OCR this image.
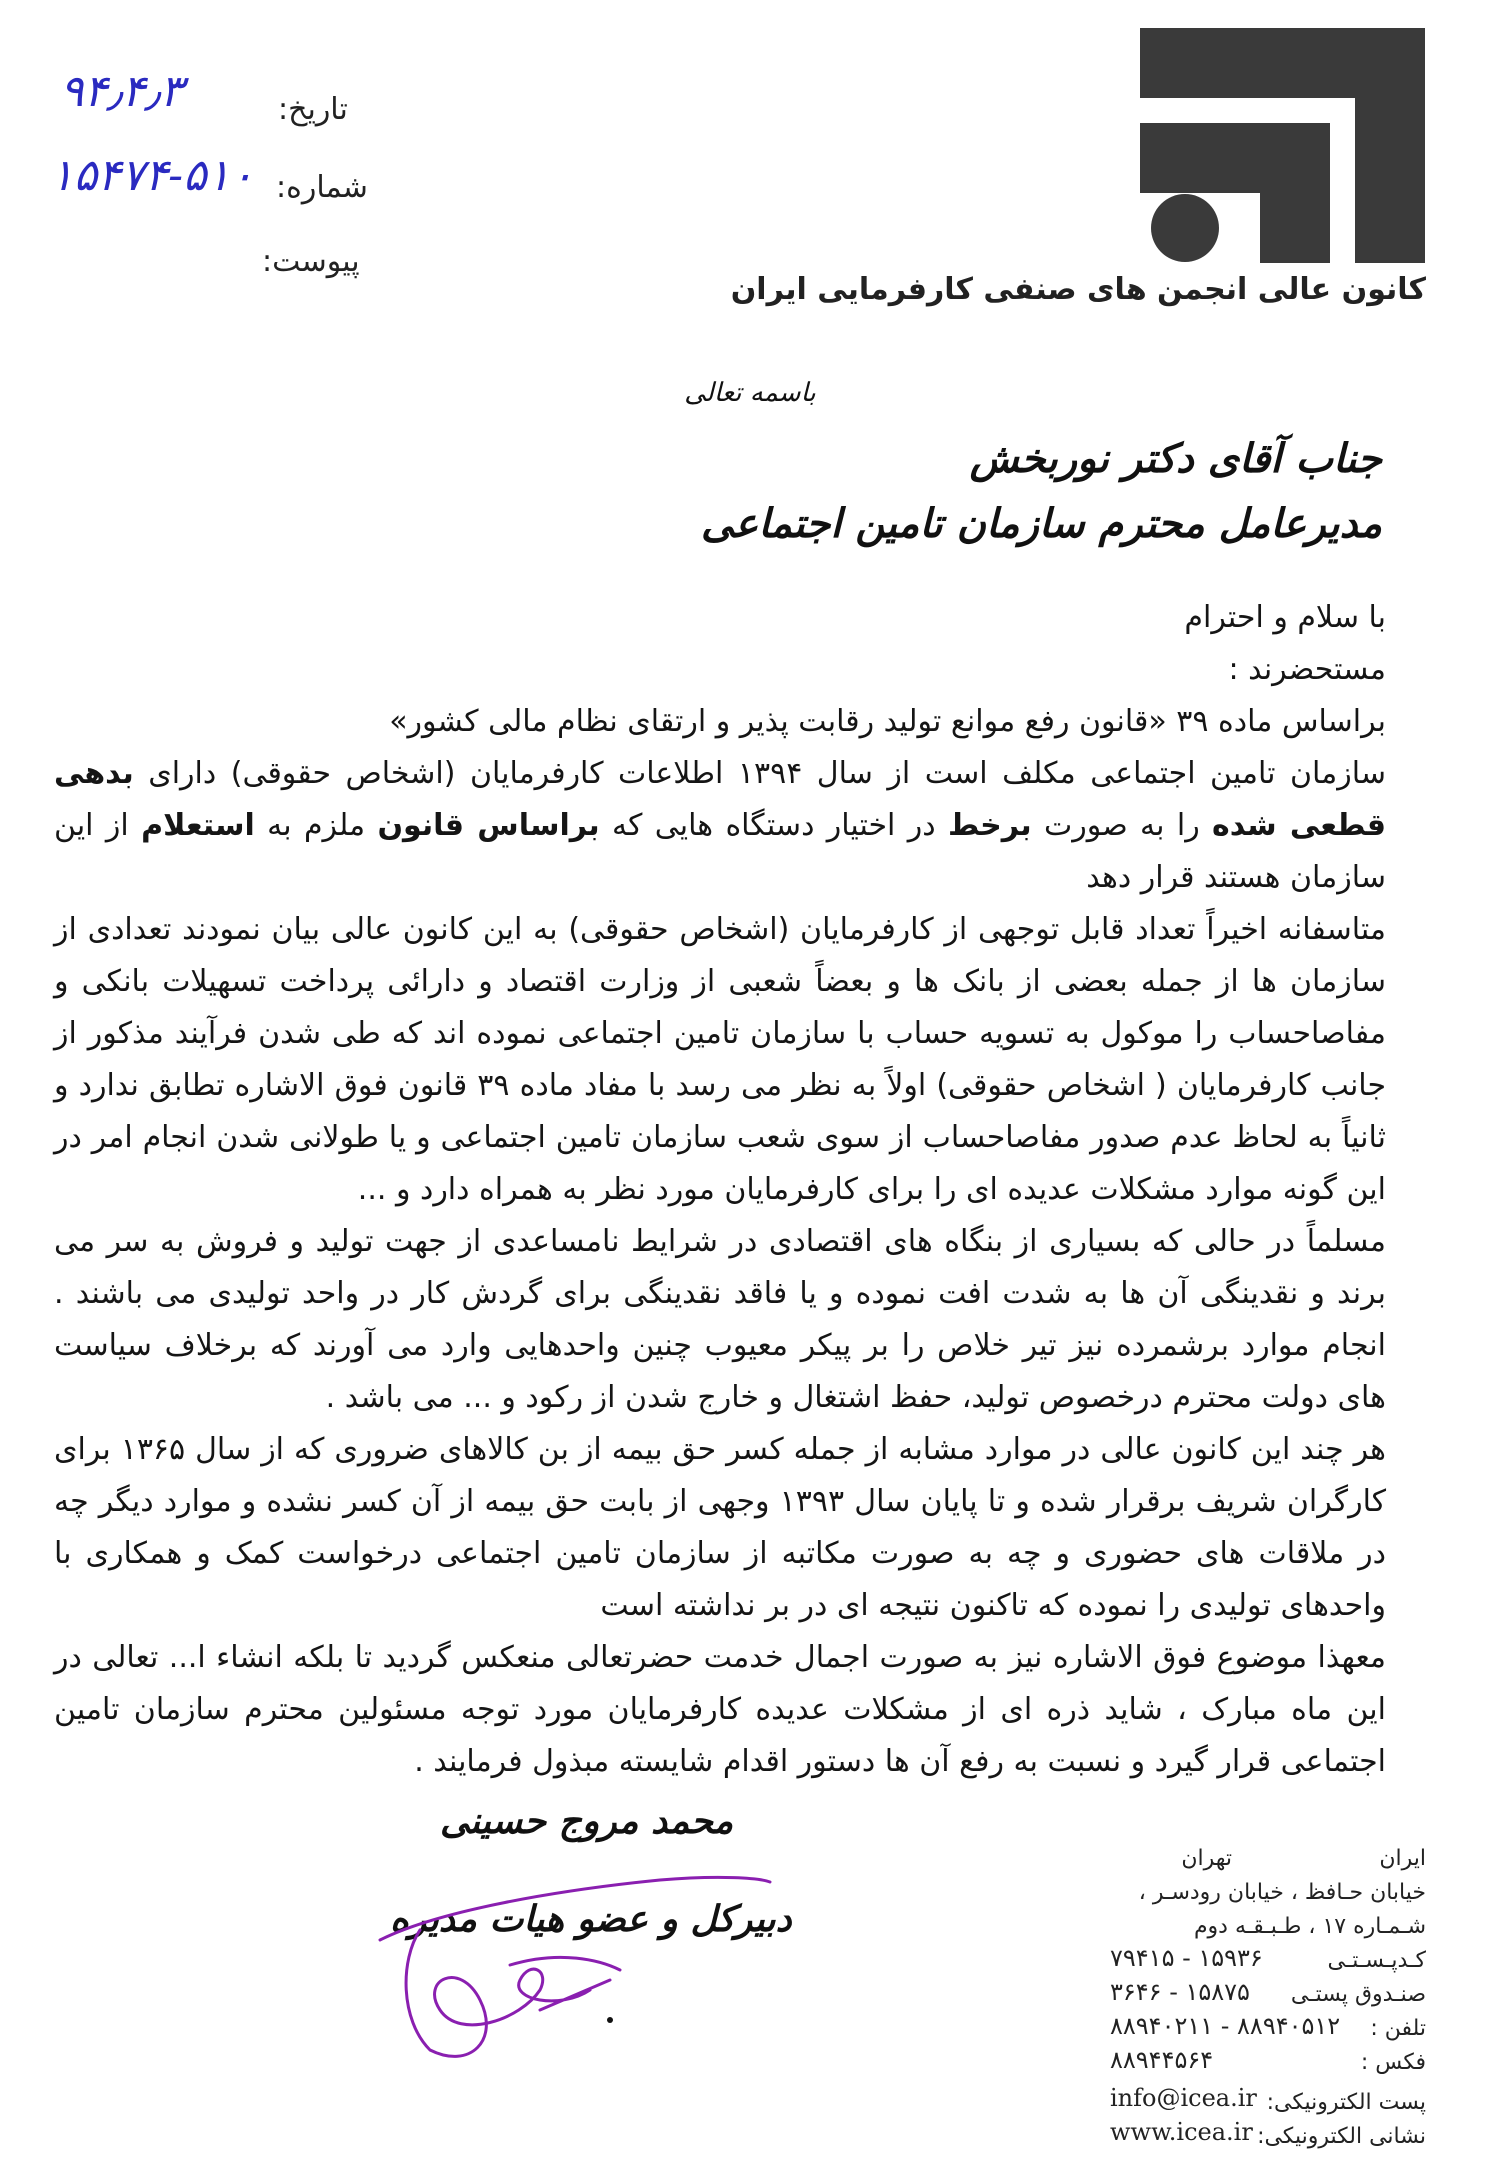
تاریخ:
۹۴٫۴٫۳
شماره:
۱۵۴۷۴-۵۱۰
پیوست:
کانون عالی انجمن های صنفی کارفرمایی ایران
باسمه تعالی
جناب آقای دکتر نوربخش
مدیرعامل محترم سازمان تامین اجتماعی

با سلام و احترام

مستحضرند :

براساس ماده ۳۹ «قانون رفع موانع تولید رقابت پذیر و ارتقای نظام مالی کشور»

سازمان تامین اجتماعی مکلف است از سال ۱۳۹۴ اطلاعات کارفرمایان (اشخاص حقوقی) دارای بدهی قطعی شده را به صورت برخط در اختیار دستگاه هایی که براساس قانون ملزم به استعلام از این سازمان هستند قرار دهد

متاسفانه اخیراً تعداد قابل توجهی از کارفرمایان (اشخاص حقوقی) به این کانون عالی بیان نمودند تعدادی از سازمان ها از جمله بعضی از بانک ها و بعضاً شعبی از وزارت اقتصاد و دارائی پرداخت تسهیلات بانکی و مفاصاحساب را موکول به تسویه حساب با سازمان تامین اجتماعی نموده اند که طی شدن فرآیند مذکور از جانب کارفرمایان ( اشخاص حقوقی) اولاً به نظر می رسد با مفاد ماده ۳۹ قانون فوق الاشاره تطابق ندارد و ثانیاً به لحاظ عدم صدور مفاصاحساب از سوی شعب سازمان تامین اجتماعی و یا طولانی شدن انجام امر در این گونه موارد مشکلات عدیده ای را برای کارفرمایان مورد نظر به همراه دارد و ...

مسلماً در حالی که بسیاری از بنگاه های اقتصادی در شرایط نامساعدی از جهت تولید و فروش به سر می برند و نقدینگی آن ها به شدت افت نموده و یا فاقد نقدینگی برای گردش کار در واحد تولیدی می باشند . انجام موارد برشمرده نیز تیر خلاص را بر پیکر معیوب چنین واحدهایی وارد می آورند که برخلاف سیاست های دولت محترم درخصوص تولید، حفظ اشتغال و خارج شدن از رکود و ... می باشد .

هر چند این کانون عالی در موارد مشابه از جمله کسر حق بیمه از بن کالاهای ضروری که از سال ۱۳۶۵ برای کارگران شریف برقرار شده و تا پایان سال ۱۳۹۳ وجهی از بابت حق بیمه از آن کسر نشده و موارد دیگر چه در ملاقات های حضوری و چه به صورت مکاتبه از سازمان تامین اجتماعی درخواست کمک و همکاری با واحدهای تولیدی را نموده که تاکنون نتیجه ای در بر نداشته است

معهذا موضوع فوق الاشاره نیز به صورت اجمال خدمت حضرتعالی منعکس گردید تا بلکه انشاء ا... تعالی در این ماه مبارک ، شاید ذره ای از مشکلات عدیده کارفرمایان مورد توجه مسئولین محترم سازمان تامین اجتماعی قرار گیرد و نسبت به رفع آن ها دستور اقدام شایسته مبذول فرمایند .

محمد مروج حسینی
دبیرکل و عضو هیات مدیره
ایران
تهران
خیابان حـافظ ، خیابان رودسـر ،
شـمـاره ۱۷ ، طـبـقـه دوم
کـدپـسـتـی
۷۹۴۱۵ - ۱۵۹۳۶
صنـدوق پستـی
۳۶۴۶ - ۱۵۸۷۵
تلفن :
۸۸۹۴۰۲۱۱ - ۸۸۹۴۰۵۱۲
فکس :
۸۸۹۴۴۵۶۴
پست الکترونیکی:
info@icea.ir
نشانی الکترونیکی:
www.icea.ir
